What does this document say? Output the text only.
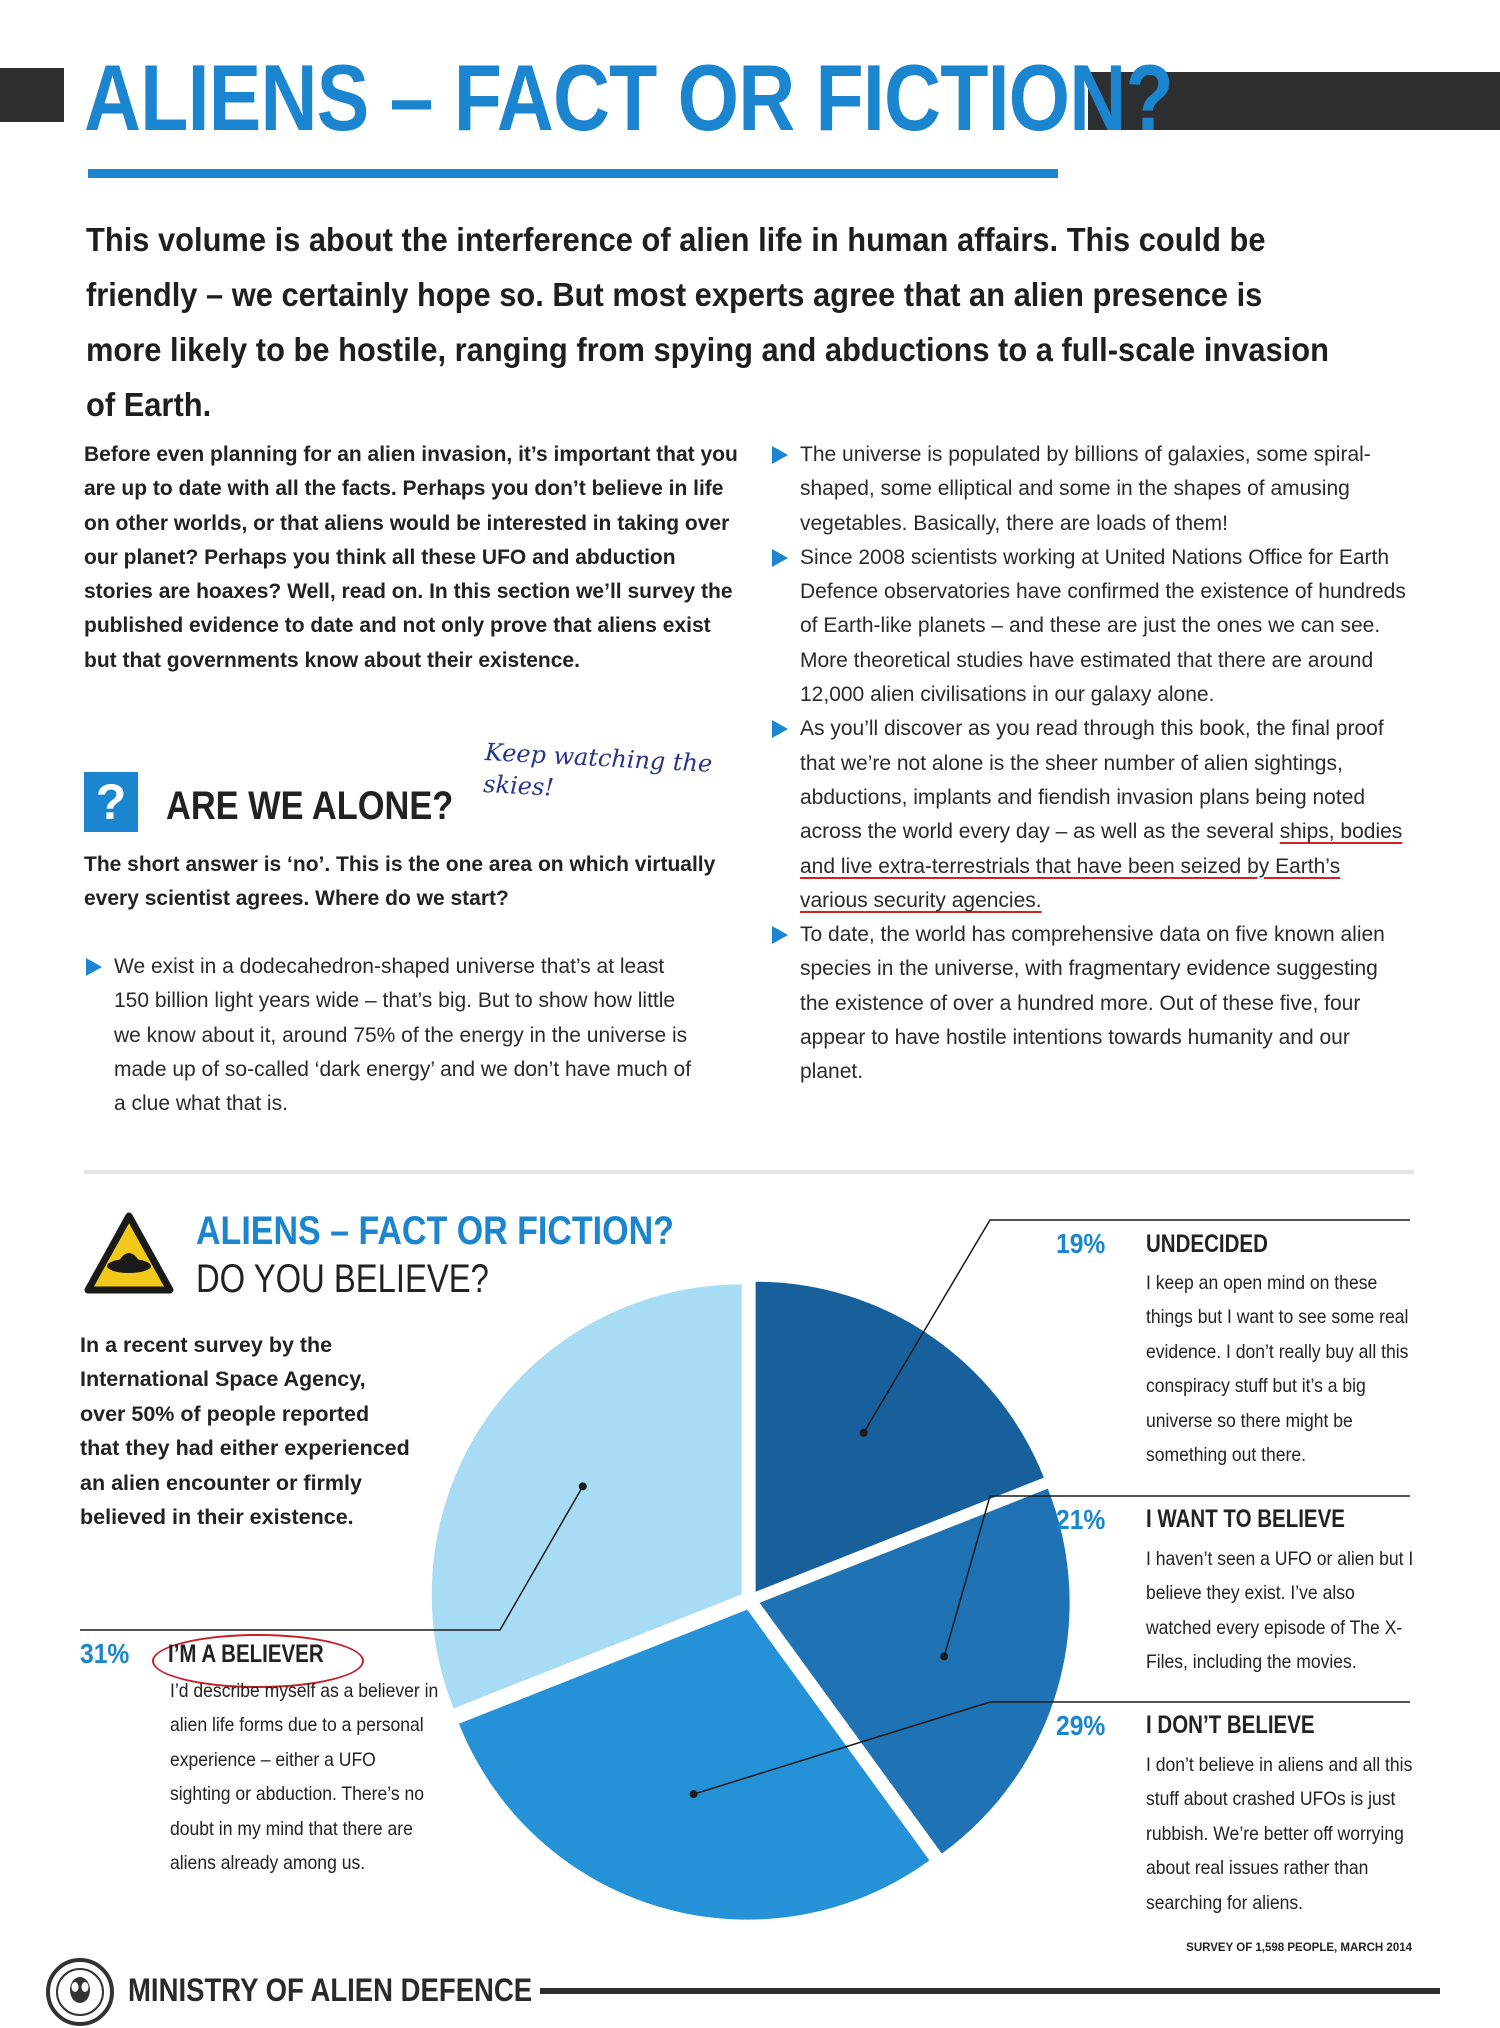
ALIENS – FACT OR FICTION?

This volume is about the interference of alien life in human affairs. This could be friendly – we certainly hope so. But most experts agree that an alien presence is more likely to be hostile, ranging from spying and abductions to a full-scale invasion of Earth.

Before even planning for an alien invasion, it’s important that you are up to date with all the facts. Perhaps you don’t believe in life on other worlds, or that aliens would be interested in taking over our planet? Perhaps you think all these UFO and abduction stories are hoaxes? Well, read on. In this section we’ll survey the published evidence to date and not only prove that aliens exist but that governments know about their existence.

? ARE WE ALONE?

Keep watching the skies!

The short answer is ‘no’. This is the one area on which virtually every scientist agrees. Where do we start?

We exist in a dodecahedron-shaped universe that’s at least 150 billion light years wide – that’s big. But to show how little we know about it, around 75% of the energy in the universe is made up of so-called ‘dark energy’ and we don’t have much of a clue what that is.
The universe is populated by billions of galaxies, some spiral-shaped, some elliptical and some in the shapes of amusing vegetables. Basically, there are loads of them!
Since 2008 scientists working at United Nations Office for Earth Defence observatories have confirmed the existence of hundreds of Earth-like planets – and these are just the ones we can see. More theoretical studies have estimated that there are around 12,000 alien civilisations in our galaxy alone.
As you’ll discover as you read through this book, the final proof that we’re not alone is the sheer number of alien sightings, abductions, implants and fiendish invasion plans being noted across the world every day – as well as the several ships, bodies and live extra-terrestrials that have been seized by Earth’s various security agencies.
To date, the world has comprehensive data on five known alien species in the universe, with fragmentary evidence suggesting the existence of over a hundred more. Out of these five, four appear to have hostile intentions towards humanity and our planet.
ALIENS – FACT OR FICTION?
DO YOU BELIEVE?

In a recent survey by the International Space Agency, over 50% of people reported that they had either experienced an alien encounter or firmly believed in their existence.

19% UNDECIDED

I keep an open mind on these things but I want to see some real evidence. I don’t really buy all this conspiracy stuff but it’s a big universe so there might be something out there.

21% I WANT TO BELIEVE

I haven’t seen a UFO or alien but I believe they exist. I’ve also watched every episode of The X-Files, including the movies.

29% I DON’T BELIEVE

I don’t believe in aliens and all this stuff about crashed UFOs is just rubbish. We’re better off worrying about real issues rather than searching for aliens.

31% I’M A BELIEVER

I’d describe myself as a believer in alien life forms due to a personal experience – either a UFO sighting or abduction. There’s no doubt in my mind that there are aliens already among us.

SURVEY OF 1,598 PEOPLE, MARCH 2014

MINISTRY OF ALIEN DEFENCE
